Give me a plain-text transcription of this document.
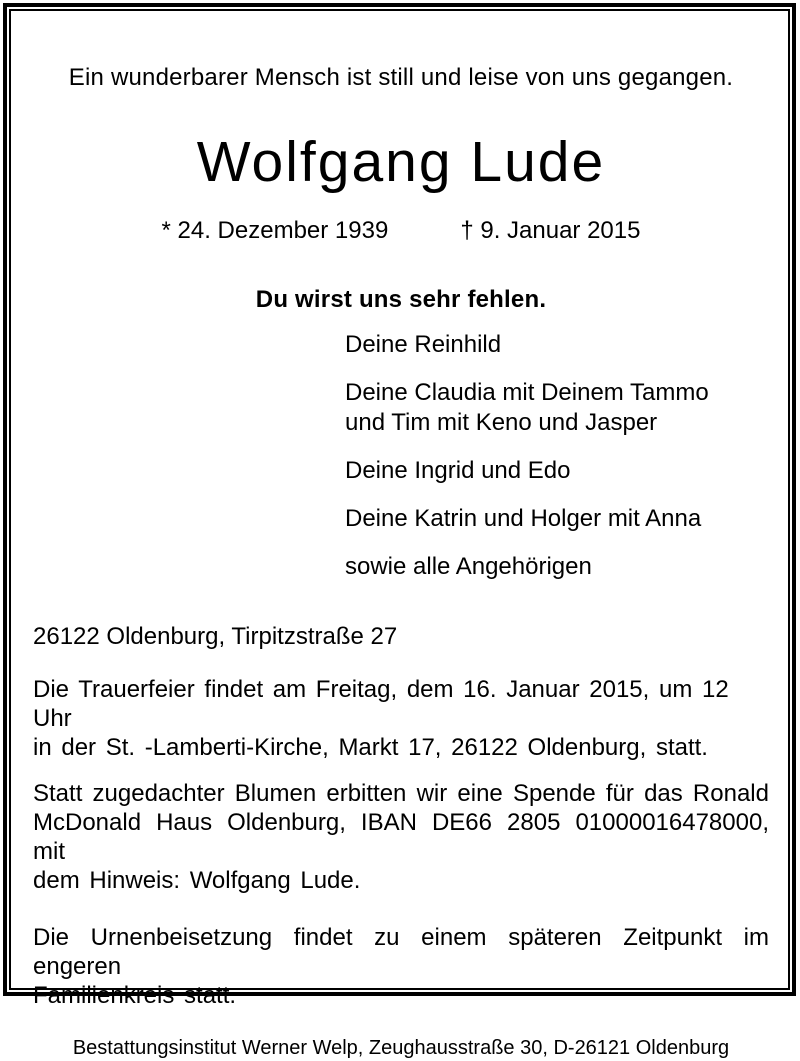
Ein wunderbarer Mensch ist still und leise von uns gegangen.
Wolfgang Lude
* 24. Dezember 1939	† 9. Januar 2015
Du wirst uns sehr fehlen.
Deine Reinhild
Deine Claudia mit Deinem Tammo
und Tim mit Keno und Jasper
Deine Ingrid und Edo
Deine Katrin und Holger mit Anna
sowie alle Angehörigen
26122 Oldenburg, Tirpitzstraße 27
Die Trauerfeier findet am Freitag, dem 16. Januar 2015, um 12 Uhr
in der St. -Lamberti-Kirche, Markt 17, 26122 Oldenburg, statt.
Statt zugedachter Blumen erbitten wir eine Spende für das Ronald
McDonald Haus Oldenburg, IBAN DE66 2805 01000016478000, mit
dem Hinweis: Wolfgang Lude.
Die Urnenbeisetzung findet zu einem späteren Zeitpunkt im engeren
Familienkreis statt.
Bestattungsinstitut Werner Welp, Zeughausstraße 30, D-26121 Oldenburg
